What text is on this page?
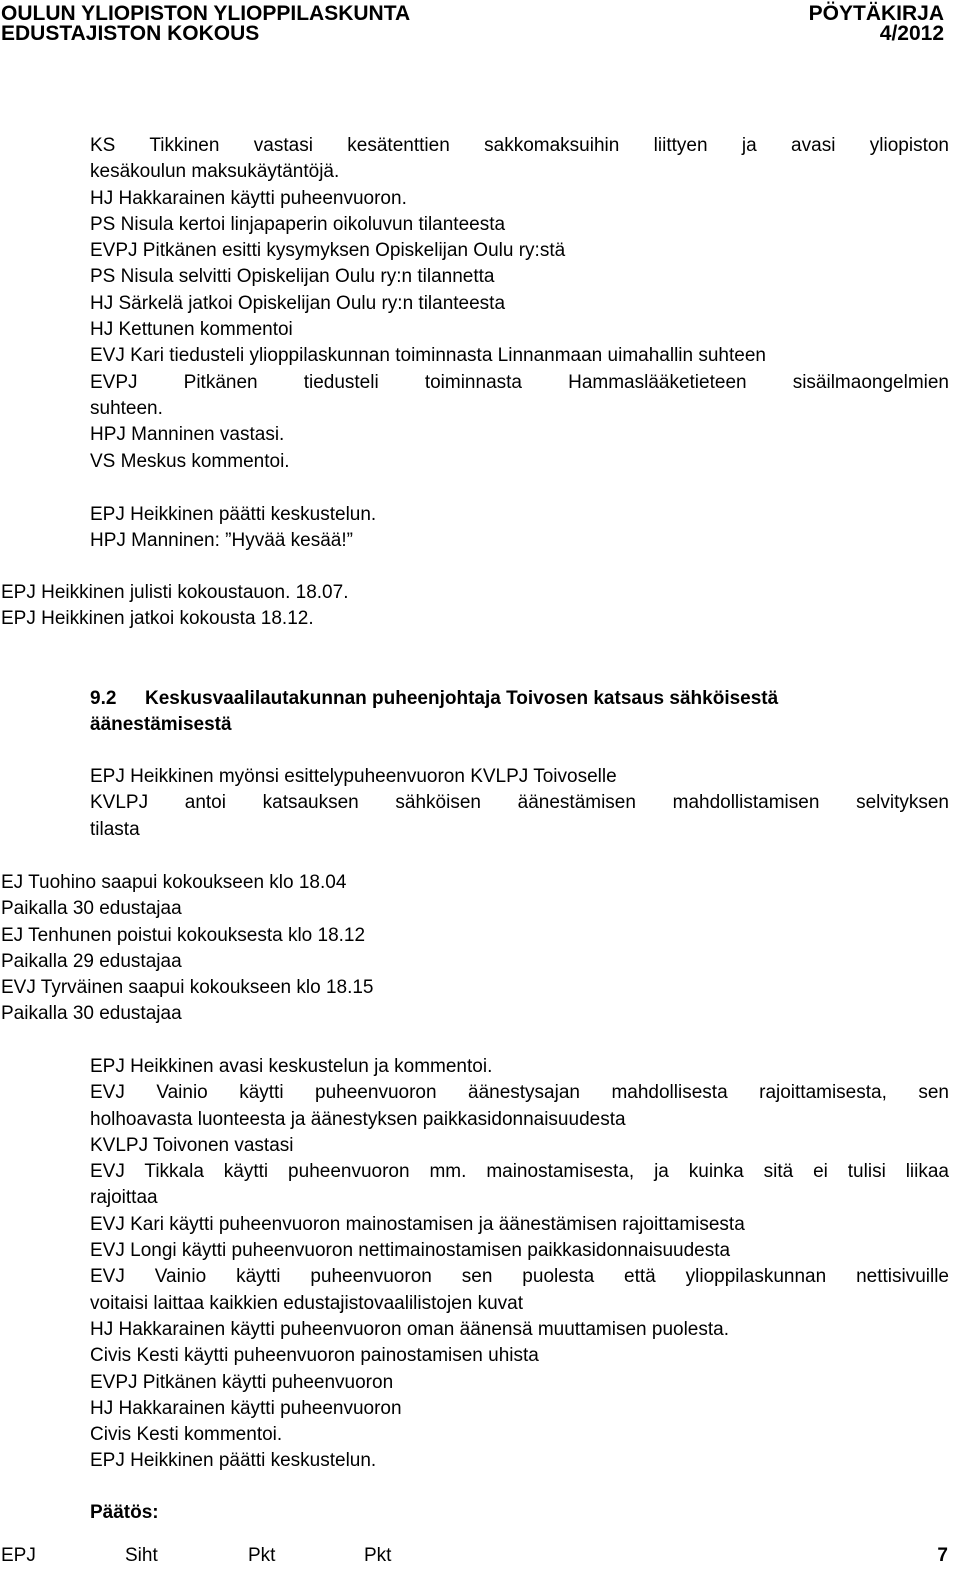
OULUN YLIOPISTON YLIOPPILASKUNTA
EDUSTAJISTON KOKOUS
PÖYTÄKIRJA
4/2012
KS Tikkinen vastasi kesätenttien sakkomaksuihin liittyen ja avasi yliopiston
kesäkoulun maksukäytäntöjä.
HJ Hakkarainen käytti puheenvuoron.
PS Nisula kertoi linjapaperin oikoluvun tilanteesta
EVPJ Pitkänen esitti kysymyksen Opiskelijan Oulu ry:stä
PS Nisula selvitti Opiskelijan Oulu ry:n tilannetta
HJ Särkelä jatkoi Opiskelijan Oulu ry:n tilanteesta
HJ Kettunen kommentoi
EVJ Kari tiedusteli ylioppilaskunnan toiminnasta Linnanmaan uimahallin suhteen
EVPJ Pitkänen tiedusteli toiminnasta Hammaslääketieteen sisäilmaongelmien
suhteen.
HPJ Manninen vastasi.
VS Meskus kommentoi.
EPJ Heikkinen päätti keskustelun.
HPJ Manninen: ”Hyvää kesää!”
EPJ Heikkinen julisti kokoustauon. 18.07.
EPJ Heikkinen jatkoi kokousta 18.12.
9.2 Keskusvaalilautakunnan puheenjohtaja Toivosen katsaus sähköisestä
äänestämisestä
EPJ Heikkinen myönsi esittelypuheenvuoron KVLPJ Toivoselle
KVLPJ antoi katsauksen sähköisen äänestämisen mahdollistamisen selvityksen
tilasta
EJ Tuohino saapui kokoukseen klo 18.04
Paikalla 30 edustajaa
EJ Tenhunen poistui kokouksesta klo 18.12
Paikalla 29 edustajaa
EVJ Tyrväinen saapui kokoukseen klo 18.15
Paikalla 30 edustajaa
EPJ Heikkinen avasi keskustelun ja kommentoi.
EVJ Vainio käytti puheenvuoron äänestysajan mahdollisesta rajoittamisesta, sen
holhoavasta luonteesta ja äänestyksen paikkasidonnaisuudesta
KVLPJ Toivonen vastasi
EVJ Tikkala käytti puheenvuoron mm. mainostamisesta, ja kuinka sitä ei tulisi liikaa
rajoittaa
EVJ Kari käytti puheenvuoron mainostamisen ja äänestämisen rajoittamisesta
EVJ Longi käytti puheenvuoron nettimainostamisen paikkasidonnaisuudesta
EVJ Vainio käytti puheenvuoron sen puolesta että ylioppilaskunnan nettisivuille
voitaisi laittaa kaikkien edustajistovaalilistojen kuvat
HJ Hakkarainen käytti puheenvuoron oman äänensä muuttamisen puolesta.
Civis Kesti käytti puheenvuoron painostamisen uhista
EVPJ Pitkänen käytti puheenvuoron
HJ Hakkarainen käytti puheenvuoron
Civis Kesti kommentoi.
EPJ Heikkinen päätti keskustelun.
Päätös:
EPJ	Siht	Pkt	Pkt	7
